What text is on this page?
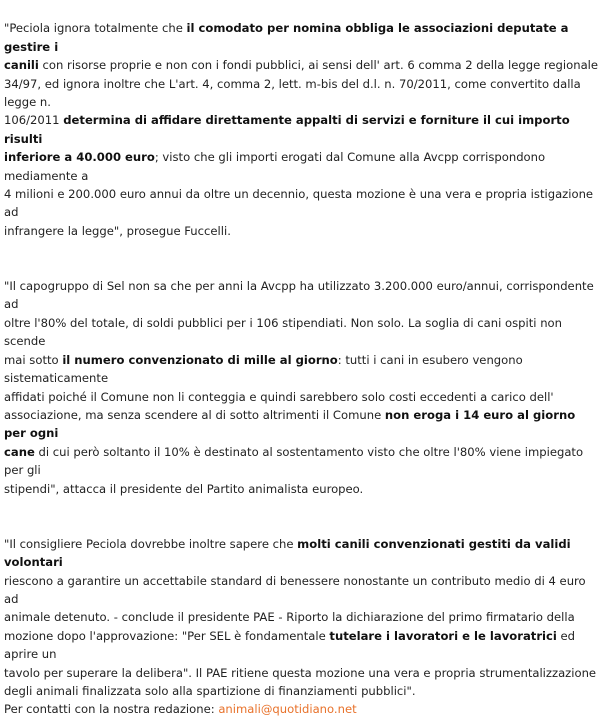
"Peciola ignora totalmente che il comodato per nomina obbliga le associazioni deputate a gestire i
canili con risorse proprie e non con i fondi pubblici, ai sensi dell' art. 6 comma 2 della legge regionale
34/97, ed ignora inoltre che L'art. 4, comma 2, lett. m-bis del d.l. n. 70/2011, come convertito dalla legge n.
106/2011 determina di affidare direttamente appalti di servizi e forniture il cui importo risulti
inferiore a 40.000 euro; visto che gli importi erogati dal Comune alla Avcpp corrispondono mediamente a
4 milioni e 200.000 euro annui da oltre un decennio, questa mozione è una vera e propria istigazione ad
infrangere la legge", prosegue Fuccelli.

"Il capogruppo di Sel non sa che per anni la Avcpp ha utilizzato 3.200.000 euro/annui, corrispondente ad
oltre l'80% del totale, di soldi pubblici per i 106 stipendiati. Non solo. La soglia di cani ospiti non scende
mai sotto il numero convenzionato di mille al giorno: tutti i cani in esubero vengono sistematicamente
affidati poiché il Comune non li conteggia e quindi sarebbero solo costi eccedenti a carico dell'
associazione, ma senza scendere al di sotto altrimenti il Comune non eroga i 14 euro al giorno per ogni
cane di cui però soltanto il 10% è destinato al sostentamento visto che oltre l'80% viene impiegato per gli
stipendi", attacca il presidente del Partito animalista europeo.

"Il consigliere Peciola dovrebbe inoltre sapere che molti canili convenzionati gestiti da validi volontari
riescono a garantire un accettabile standard di benessere nonostante un contributo medio di 4 euro ad
animale detenuto. - conclude il presidente PAE - Riporto la dichiarazione del primo firmatario della
mozione dopo l'approvazione: "Per SEL è fondamentale tutelare i lavoratori e le lavoratrici ed aprire un
tavolo per superare la delibera". Il PAE ritiene questa mozione una vera e propria strumentalizzazione
degli animali finalizzata solo alla spartizione di finanziamenti pubblici".

Per contatti con la nostra redazione: animali@quotidiano.net
